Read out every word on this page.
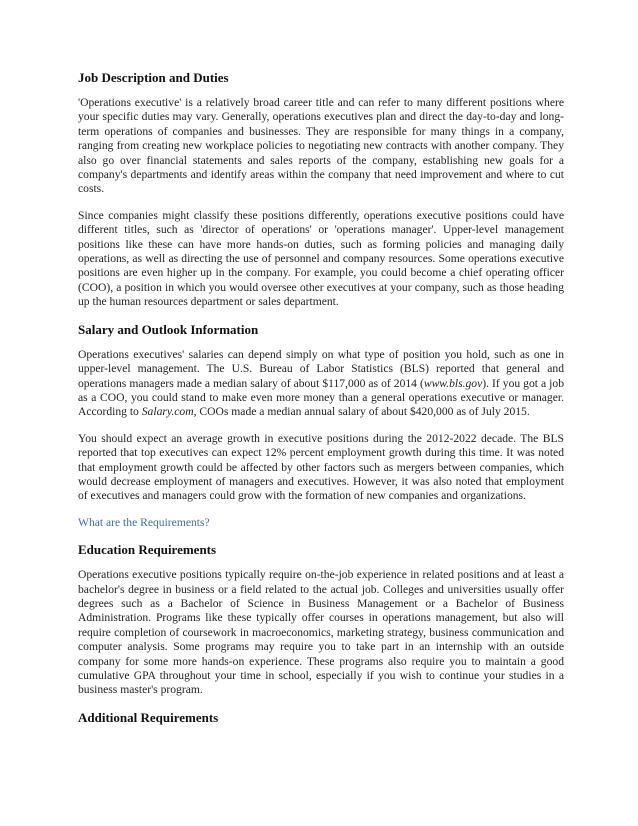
Job Description and Duties

'Operations executive' is a relatively broad career title and can refer to many different positions where your specific duties may vary. Generally, operations executives plan and direct the day-to-day and long-term operations of companies and businesses. They are responsible for many things in a company, ranging from creating new workplace policies to negotiating new contracts with another company. They also go over financial statements and sales reports of the company, establishing new goals for a company's departments and identify areas within the company that need improvement and where to cut costs.

Since companies might classify these positions differently, operations executive positions could have different titles, such as 'director of operations' or 'operations manager'. Upper-level management positions like these can have more hands-on duties, such as forming policies and managing daily operations, as well as directing the use of personnel and company resources. Some operations executive positions are even higher up in the company. For example, you could become a chief operating officer (COO), a position in which you would oversee other executives at your company, such as those heading up the human resources department or sales department.

Salary and Outlook Information

Operations executives' salaries can depend simply on what type of position you hold, such as one in upper-level management. The U.S. Bureau of Labor Statistics (BLS) reported that general and operations managers made a median salary of about $117,000 as of 2014 (www.bls.gov). If you got a job as a COO, you could stand to make even more money than a general operations executive or manager. According to Salary.com, COOs made a median annual salary of about $420,000 as of July 2015.

You should expect an average growth in executive positions during the 2012-2022 decade. The BLS reported that top executives can expect 12% percent employment growth during this time. It was noted that employment growth could be affected by other factors such as mergers between companies, which would decrease employment of managers and executives. However, it was also noted that employment of executives and managers could grow with the formation of new companies and organizations.

What are the Requirements?
Education Requirements

Operations executive positions typically require on-the-job experience in related positions and at least a bachelor's degree in business or a field related to the actual job. Colleges and universities usually offer degrees such as a Bachelor of Science in Business Management or a Bachelor of Business Administration. Programs like these typically offer courses in operations management, but also will require completion of coursework in macroeconomics, marketing strategy, business communication and computer analysis. Some programs may require you to take part in an internship with an outside company for some more hands-on experience. These programs also require you to maintain a good cumulative GPA throughout your time in school, especially if you wish to continue your studies in a business master's program.

Additional Requirements
